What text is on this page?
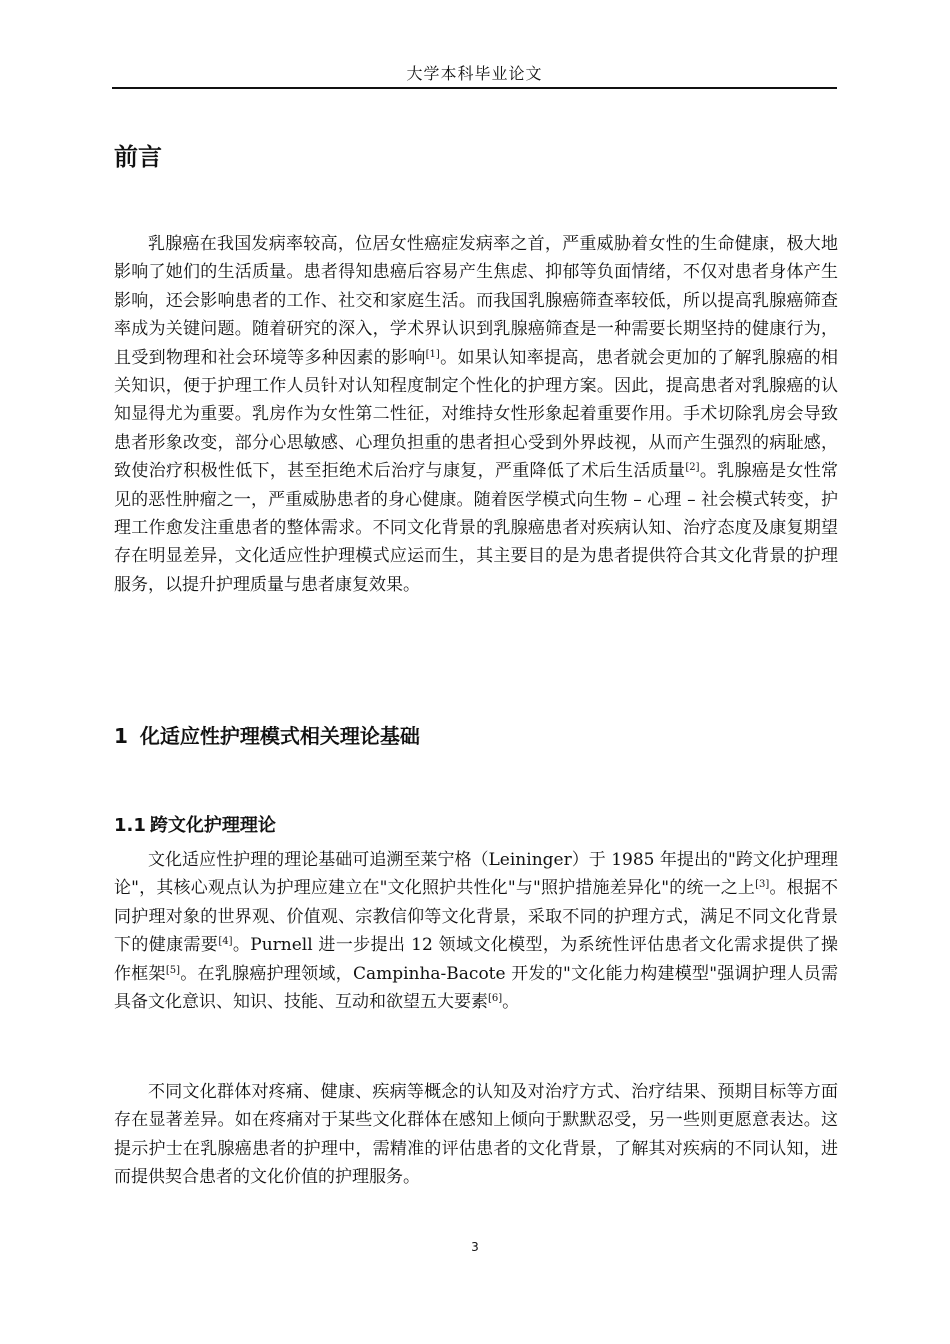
大学本科毕业论文
前言

乳腺癌在我国发病率较高，位居女性癌症发病率之首，严重威胁着女性的生命健康，极大地影响了她们的生活质量。患者得知患癌后容易产生焦虑、抑郁等负面情绪，不仅对患者身体产生影响，还会影响患者的工作、社交和家庭生活。而我国乳腺癌筛查率较低，所以提高乳腺癌筛查率成为关键问题。随着研究的深入，学术界认识到乳腺癌筛查是一种需要长期坚持的健康行为，且受到物理和社会环境等多种因素的影响[1]。如果认知率提高，患者就会更加的了解乳腺癌的相关知识，便于护理工作人员针对认知程度制定个性化的护理方案。因此，提高患者对乳腺癌的认知显得尤为重要。乳房作为女性第二性征，对维持女性形象起着重要作用。手术切除乳房会导致患者形象改变，部分心思敏感、心理负担重的患者担心受到外界歧视，从而产生强烈的病耻感，致使治疗积极性低下，甚至拒绝术后治疗与康复，严重降低了术后生活质量[2]。乳腺癌是女性常见的恶性肿瘤之一，严重威胁患者的身心健康。随着医学模式向生物 – 心理 – 社会模式转变，护理工作愈发注重患者的整体需求。不同文化背景的乳腺癌患者对疾病认知、治疗态度及康复期望存在明显差异，文化适应性护理模式应运而生，其主要目的是为患者提供符合其文化背景的护理服务，以提升护理质量与患者康复效果。

1 化适应性护理模式相关理论基础
1.1 跨文化护理理论

文化适应性护理的理论基础可追溯至莱宁格（Leininger）于 1985 年提出的"跨文化护理理论"，其核心观点认为护理应建立在"文化照护共性化"与"照护措施差异化"的统一之上[3]。根据不同护理对象的世界观、价值观、宗教信仰等文化背景，采取不同的护理方式，满足不同文化背景下的健康需要[4]。Purnell 进一步提出 12 领域文化模型，为系统性评估患者文化需求提供了操作框架[5]。在乳腺癌护理领域，Campinha-Bacote 开发的"文化能力构建模型"强调护理人员需具备文化意识、知识、技能、互动和欲望五大要素[6]。

不同文化群体对疼痛、健康、疾病等概念的认知及对治疗方式、治疗结果、预期目标等方面存在显著差异。如在疼痛对于某些文化群体在感知上倾向于默默忍受，另一些则更愿意表达。这提示护士在乳腺癌患者的护理中，需精准的评估患者的文化背景，了解其对疾病的不同认知，进而提供契合患者的文化价值的护理服务。

3
